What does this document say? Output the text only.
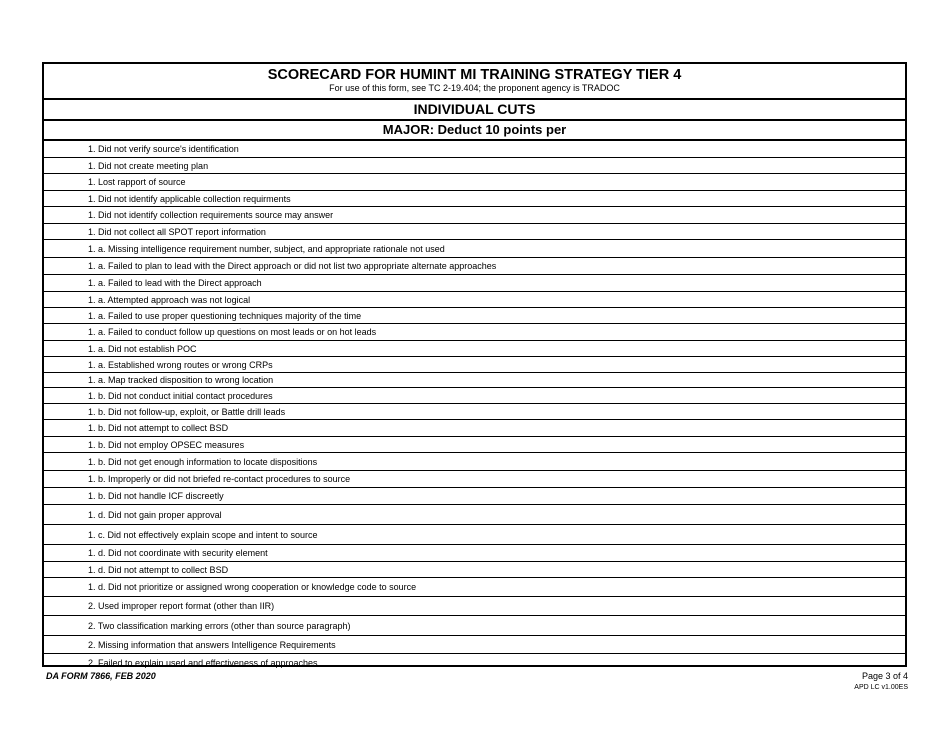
SCORECARD FOR HUMINT MI TRAINING STRATEGY TIER 4
For use of this form, see TC 2-19.404; the proponent agency is TRADOC
INDIVIDUAL CUTS
MAJOR: Deduct 10 points per
1. Did not verify source's identification
1. Did not create meeting plan
1. Lost rapport of source
1. Did not identify applicable collection requirments
1. Did not identify collection requirements source may answer
1. Did not collect all SPOT report information
1. a. Missing intelligence requirement number, subject, and appropriate rationale not used
1. a. Failed to plan to lead with the Direct approach or did not list two appropriate alternate approaches
1. a. Failed to lead with the Direct approach
1. a. Attempted approach was not logical
1. a. Failed to use proper questioning techniques majority of the time
1. a. Failed to conduct follow up questions on most leads or on hot leads
1. a. Did not establish POC
1. a. Established wrong routes or wrong CRPs
1. a. Map tracked disposition to wrong location
1. b. Did not conduct initial contact procedures
1. b. Did not follow-up, exploit, or Battle drill leads
1. b. Did not attempt to collect BSD
1. b. Did not employ OPSEC measures
1. b. Did not get enough information to locate dispositions
1. b. Improperly or did not briefed re-contact procedures to source
1. b. Did not handle ICF discreetly
1. d. Did not gain proper approval
1. c. Did not effectively explain scope and intent to source
1. d. Did not coordinate with security element
1. d. Did not attempt to collect BSD
1. d. Did not prioritize or assigned wrong cooperation or knowledge code to source
2. Used improper report format (other than IIR)
2. Two classification marking errors (other than source paragraph)
2. Missing information that answers Intelligence Requirements
2. Failed to explain used and effectiveness of approaches
DA FORM 7866, FEB 2020	Page 3 of 4
APD LC v1.00ES
